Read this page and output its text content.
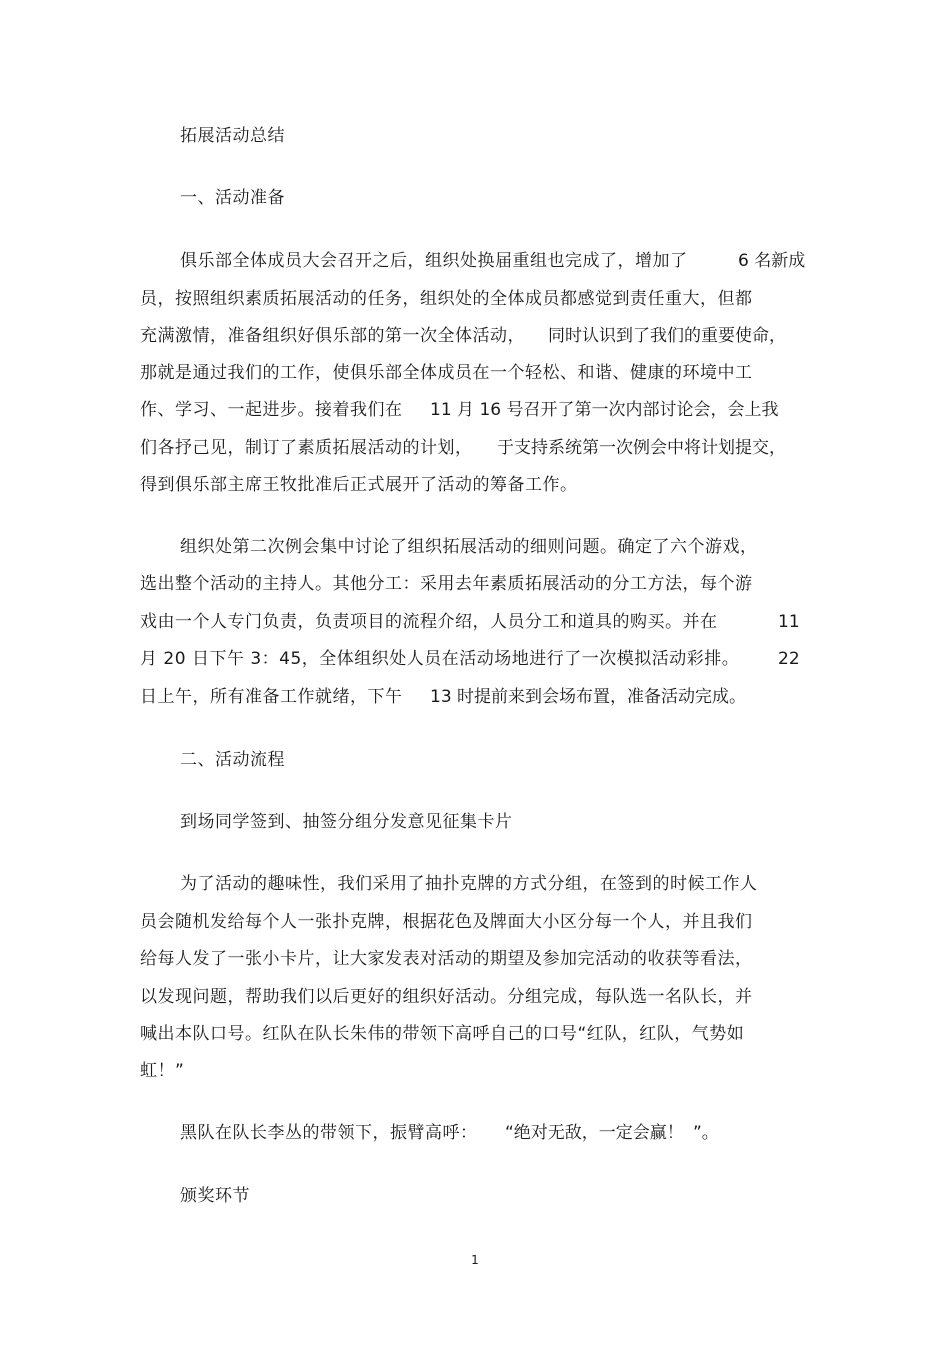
拓展活动总结
一、活动准备
俱乐部全体成员大会召开之后，组织处换届重组也完成了，增加了	6 名新成
员，按照组织素质拓展活动的任务，组织处的全体成员都感觉到责任重大，但都
充满激情，准备组织好俱乐部的第一次全体活动， 同时认识到了我们的重要使命，
那就是通过我们的工作，使俱乐部全体成员在一个轻松、和谐、健康的环境中工
作、学习、一起进步。接着我们在 11 月 16 号召开了第一次内部讨论会，会上我
们各抒己见，制订了素质拓展活动的计划， 于支持系统第一次例会中将计划提交，
得到俱乐部主席王牧批准后正式展开了活动的筹备工作。
组织处第二次例会集中讨论了组织拓展活动的细则问题。确定了六个游戏，
选出整个活动的主持人。其他分工：采用去年素质拓展活动的分工方法，每个游
戏由一个人专门负责，负责项目的流程介绍，人员分工和道具的购买。并在	11
月 20 日下午 3：45，全体组织处人员在活动场地进行了一次模拟活动彩排。 22
日上午，所有准备工作就绪，下午 13 时提前来到会场布置，准备活动完成。
二、活动流程
到场同学签到、抽签分组分发意见征集卡片
为了活动的趣味性，我们采用了抽扑克牌的方式分组，在签到的时候工作人
员会随机发给每个人一张扑克牌，根据花色及牌面大小区分每一个人，并且我们
给每人发了一张小卡片，让大家发表对活动的期望及参加完活动的收获等看法，
以发现问题，帮助我们以后更好的组织好活动。分组完成，每队选一名队长，并
喊出本队口号。红队在队长朱伟的带领下高呼自己的口号“红队，红队，气势如
虹！”
黑队在队长李丛的带领下，振臂高呼： “绝对无敌，一定会赢！ ”。
颁奖环节
1
